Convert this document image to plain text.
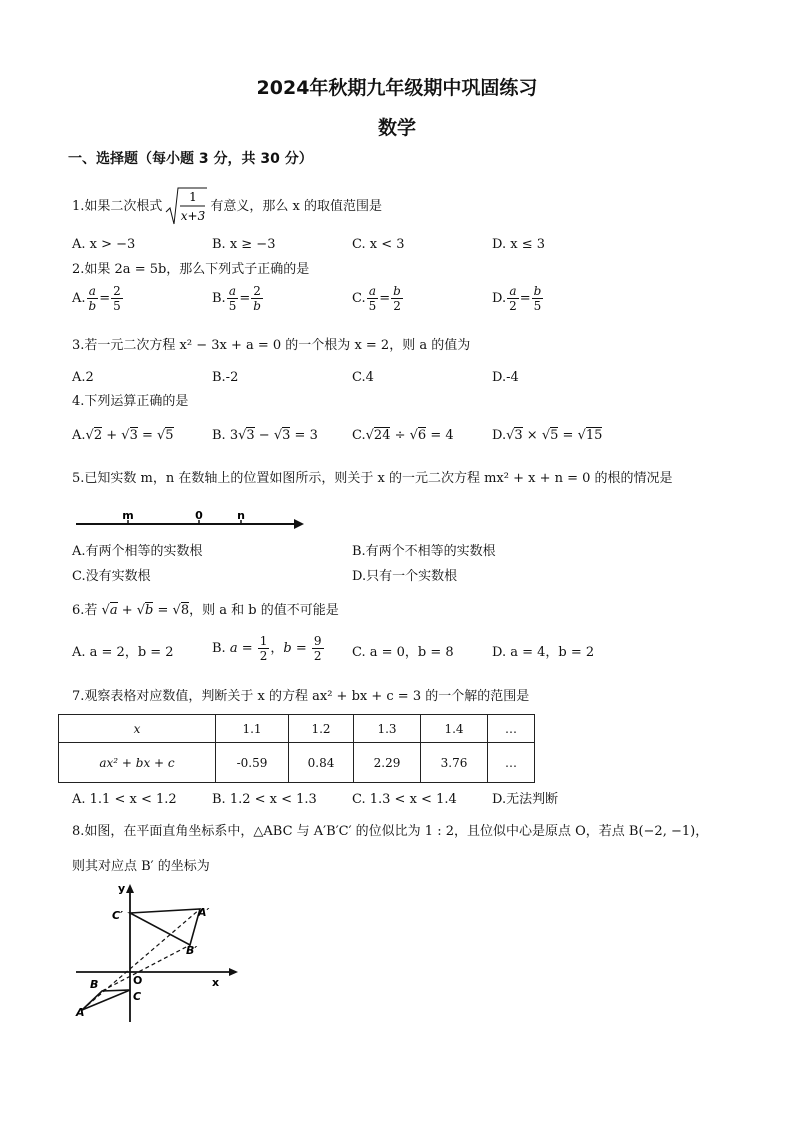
2024年秋期九年级期中巩固练习
数学
一、选择题（每小题 3 分，共 30 分）
1.如果二次根式
1
x+3
有意义，那么 x 的取值范围是
A. x > −3	B. x ≥ −3	C. x < 3	D. x ≤ 3
2.如果 2a = 5b，那么下列式子正确的是
A. $\frac{a}{b} = \frac{2}{5}$	B. $\frac{a}{5} = \frac{2}{b}$	C. $\frac{a}{5} = \frac{b}{2}$	D. $\frac{a}{2} = \frac{b}{5}$
3.若一元二次方程 x² − 3x + a = 0 的一个根为 x = 2，则 a 的值为
A.2	B.-2	C.4	D.-4
4.下列运算正确的是
A.√2 + √3 = √5	B. 3√3 − √3 = 3	C.√24 ÷ √6 = 4	D.√3 × √5 = √15
5.已知实数 m，n 在数轴上的位置如图所示，则关于 x 的一元二次方程 mx² + x + n = 0 的根的情况是
m	0	n
A.有两个相等的实数根	B.有两个不相等的实数根
C.没有实数根	D.只有一个实数根
6.若 √a + √b = √8，则 a 和 b 的值不可能是
A. a = 2，b = 2	B.
$a = \frac{1}{2}$ ， $b = \frac{9}{2} C$. a = 0，b = 8	D. a = 4，b = 2
7.观察表格对应数值，判断关于 x 的方程 ax² + bx + c = 3 的一个解的范围是
x	1.1	1.2	1.3	1.4	…
ax² + bx + c	-0.59	0.84	2.29	3.76	…
A. 1.1 < x < 1.2	B. 1.2 < x < 1.3	C. 1.3 < x < 1.4	D.无法判断
8.如图，在平面直角坐标系中，△ABC 与 A′B′C′ 的位似比为 1 : 2，且位似中心是原点 O，若点 B(−2, −1)，
则其对应点 B′ 的坐标为
y
x
O
C′	A′
B′
B
C
A
